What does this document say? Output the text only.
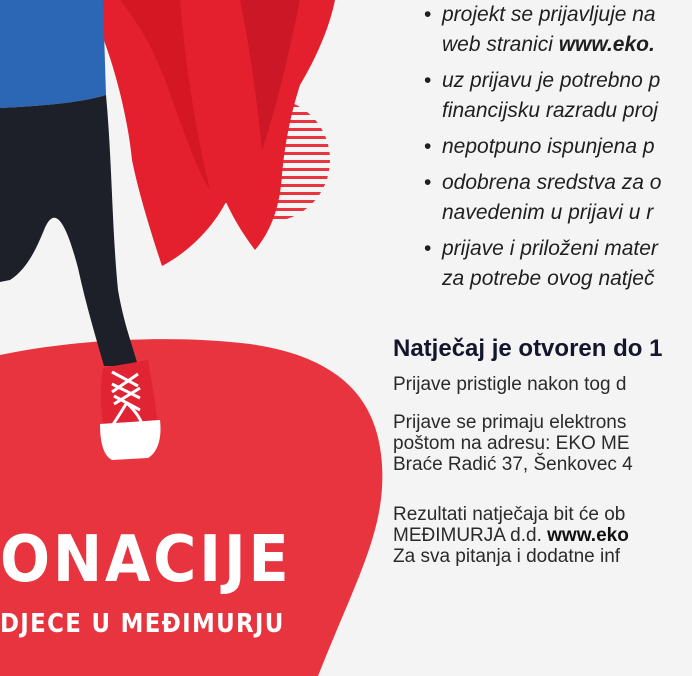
• projekt se prijavljuje na
web stranici www.eko.
• uz prijavu je potrebno p
financijsku razradu proj
• nepotpuno ispunjena p
• odobrena sredstva za o
navedenim u prijavi u r
• prijave i priloženi mater
za potrebe ovog natječ

Natječaj je otvoren do 1

Prijave pristigle nakon tog d

Prijave se primaju elektrons
poštom na adresu: EKO ME
Braće Radić 37, Šenkovec 4

Rezultati natječaja bit će ob
MEĐIMURJA d.d. www.eko
Za sva pitanja i dodatne inf

ONACIJE

DJECE U MEĐIMURJU
